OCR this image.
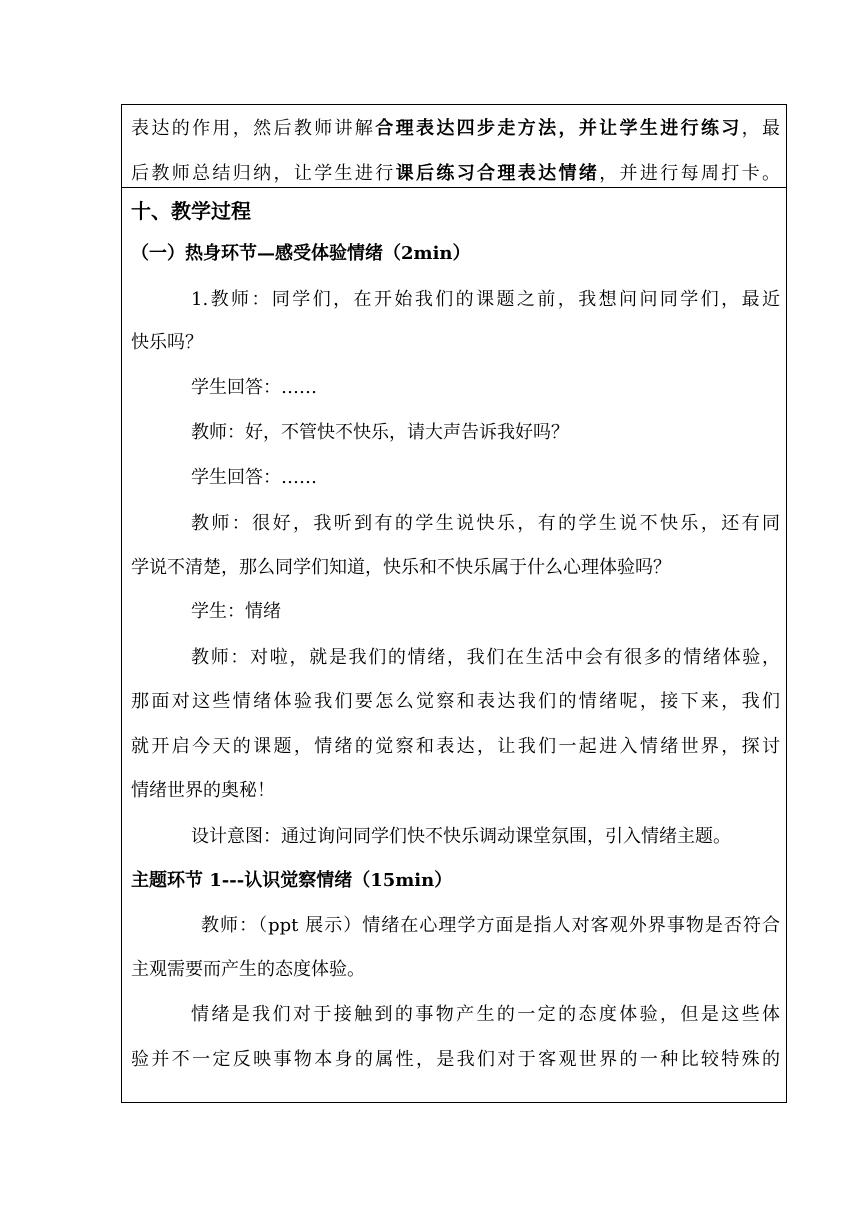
表达的作用，然后教师讲解合理表达四步走方法，并让学生进行练习，最
后教师总结归纳，让学生进行课后练习合理表达情绪，并进行每周打卡。

十、教学过程
（一）热身环节—感受体验情绪（2min）
1.教师：同学们，在开始我们的课题之前，我想问问同学们，最近
快乐吗？
学生回答：……
教师：好，不管快不快乐，请大声告诉我好吗？
学生回答：……
教师：很好，我听到有的学生说快乐，有的学生说不快乐，还有同
学说不清楚，那么同学们知道，快乐和不快乐属于什么心理体验吗？
学生：情绪
教师：对啦，就是我们的情绪，我们在生活中会有很多的情绪体验，
那面对这些情绪体验我们要怎么觉察和表达我们的情绪呢，接下来，我们
就开启今天的课题，情绪的觉察和表达，让我们一起进入情绪世界，探讨
情绪世界的奥秘！
设计意图：通过询问同学们快不快乐调动课堂氛围，引入情绪主题。
主题环节 1---认识觉察情绪（15min）
教师：（ppt 展示）情绪在心理学方面是指人对客观外界事物是否符合
主观需要而产生的态度体验。
情绪是我们对于接触到的事物产生的一定的态度体验，但是这些体
验并不一定反映事物本身的属性，是我们对于客观世界的一种比较特殊的
